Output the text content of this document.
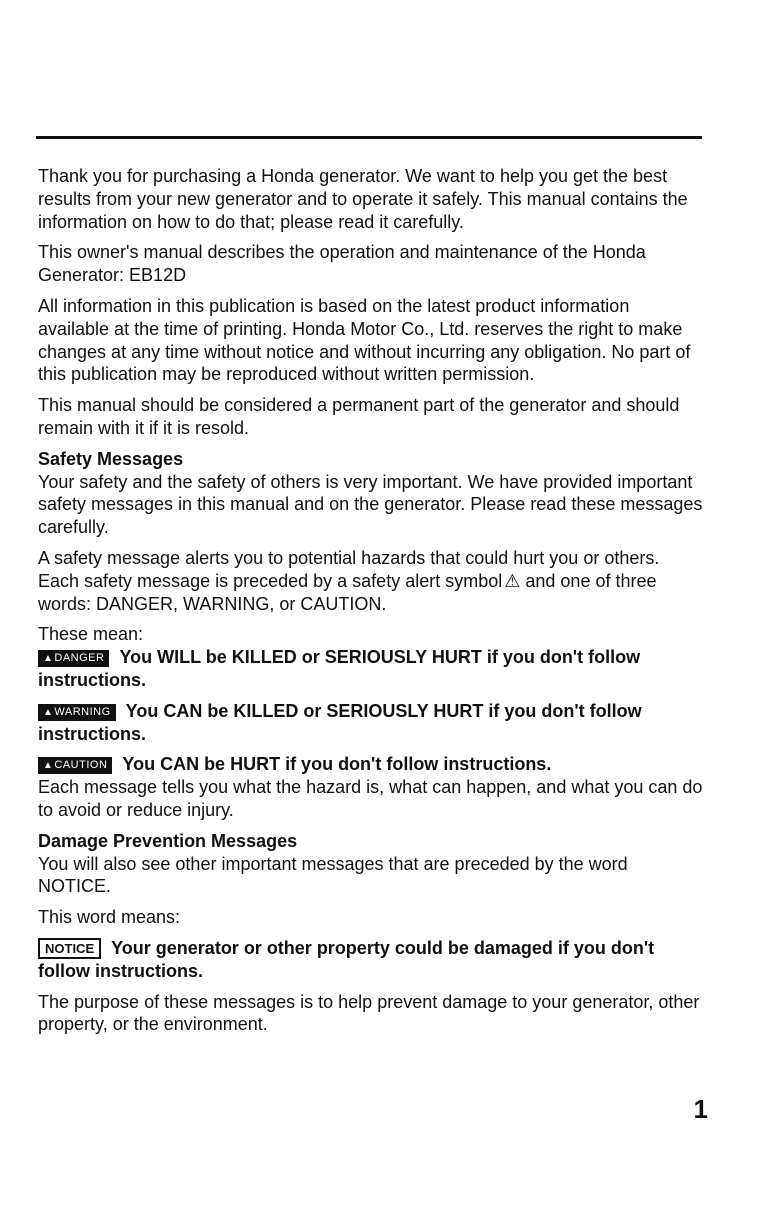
Thank you for purchasing a Honda generator. We want to help you get the best results from your new generator and to operate it safely. This manual contains the information on how to do that; please read it carefully.

This owner's manual describes the operation and maintenance of the Honda Generator: EB12D

All information in this publication is based on the latest product information available at the time of printing. Honda Motor Co., Ltd. reserves the right to make changes at any time without notice and without incurring any obligation. No part of this publication may be reproduced without written permission.

This manual should be considered a permanent part of the generator and should remain with it if it is resold.

Safety Messages

Your safety and the safety of others is very important. We have provided important safety messages in this manual and on the generator. Please read these messages carefully.

A safety message alerts you to potential hazards that could hurt you or others. Each safety message is preceded by a safety alert symbol ⚠ and one of three words: DANGER, WARNING, or CAUTION.

These mean:

▲DANGER You WILL be KILLED or SERIOUSLY HURT if you don't follow instructions.
▲WARNING You CAN be KILLED or SERIOUSLY HURT if you don't follow instructions.
▲CAUTION You CAN be HURT if you don't follow instructions.

Each message tells you what the hazard is, what can happen, and what you can do to avoid or reduce injury.

Damage Prevention Messages

You will also see other important messages that are preceded by the word NOTICE.

This word means:

NOTICE Your generator or other property could be damaged if you don't follow instructions.

The purpose of these messages is to help prevent damage to your generator, other property, or the environment.

1
